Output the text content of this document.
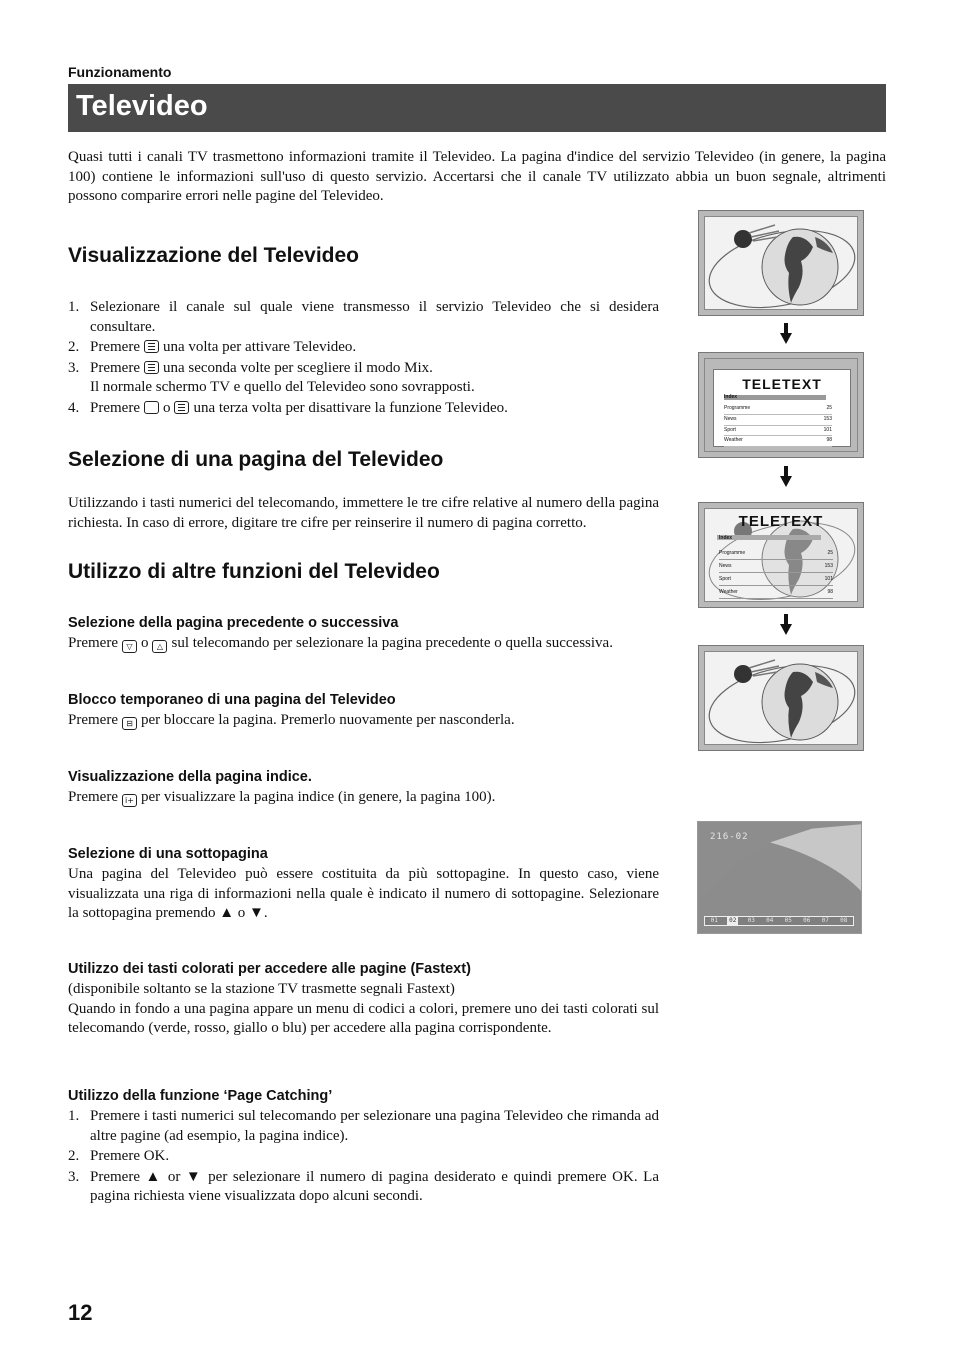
Funzionamento
Televideo
Quasi tutti i canali TV trasmettono informazioni tramite il Televideo. La pagina d'indice del servizio Televideo (in genere, la pagina 100) contiene le informazioni sull'uso di questo servizio. Accertarsi che il canale TV utilizzato abbia un buon segnale, altrimenti possono comparire errori nelle pagine del Televideo.
Visualizzazione del Televideo
1. Selezionare il canale sul quale viene transmesso il servizio Televideo che si desidera consultare.
2. Premere una volta per attivare Televideo.
3. Premere una seconda volte per scegliere il modo Mix.
Il normale schermo TV e quello del Televideo sono sovrapposti.
4. Premere o una terza volta per disattivare la funzione Televideo.
Selezione di una pagina del Televideo
Utilizzando i tasti numerici del telecomando, immettere le tre cifre relative al numero della pagina richiesta. In caso di errore, digitare tre cifre per reinserire il numero di pagina corretto.
Utilizzo di altre funzioni del Televideo
Selezione della pagina precedente o successiva
Premere ▽ o △ sul telecomando per selezionare la pagina precedente o quella successiva.
Blocco temporaneo di una pagina del Televideo
Premere ⊟ per bloccare la pagina. Premerlo nuovamente per nasconderla.
Visualizzazione della pagina indice.
Premere i+ per visualizzare la pagina indice (in genere, la pagina 100).
Selezione di una sottopagina
Una pagina del Televideo può essere costituita da più sottopagine. In questo caso, viene visualizzata una riga di informazioni nella quale è indicato il numero di sottopagine. Selezionare la sottopagina premendo ▲ o ▼.
Utilizzo dei tasti colorati per accedere alle pagine (Fastext)
(disponibile soltanto se la stazione TV trasmette segnali Fastext)
Quando in fondo a una pagina appare un menu di codici a colori, premere uno dei tasti colorati sul telecomando (verde, rosso, giallo o blu) per accedere alla pagina corrispondente.
Utilizzo della funzione ‘Page Catching’
1. Premere i tasti numerici sul telecomando per selezionare una pagina Televideo che rimanda ad altre pagine (ad esempio, la pagina indice).
2. Premere OK.
3. Premere ▲ or ▼ per selezionare il numero di pagina desiderato e quindi premere OK. La pagina richiesta viene visualizzata dopo alcuni secondi.
12
TELETEXT
Index
Programme	25
News	153
Sport	101
Weather	98
TELETEXT
Index
Programme	25
News	153
Sport	101
Weather	98
216-02
01	02	03	04	05	06	07	08
